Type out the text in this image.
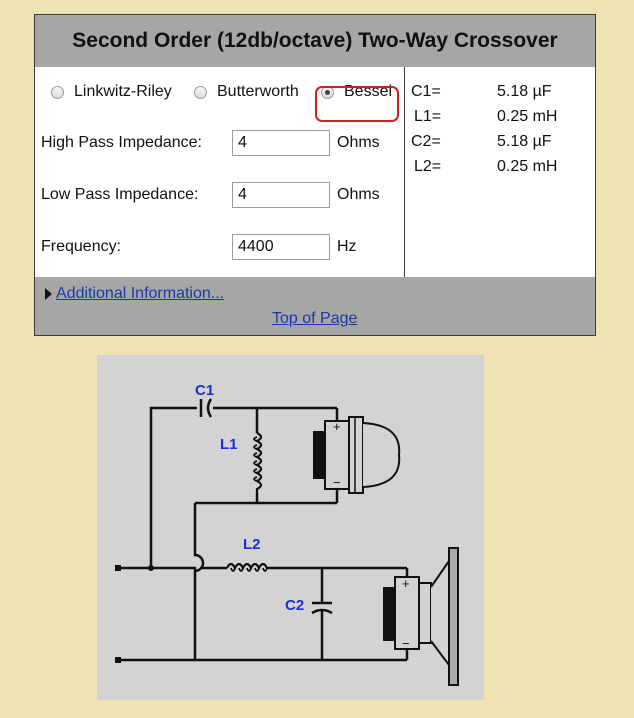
Second Order (12db/octave) Two-Way Crossover
Linkwitz-Riley	Butterworth	Bessel
High Pass Impedance:
4	Ohms
Low Pass Impedance:
4	Ohms
Frequency:
4400	Hz
C1=	5.18 µF
L1=	0.25 mH
C2=	5.18 µF
L2=	0.25 mH
Additional Information...
Top of Page
+
−
+
−
C1
L1
L2
C2
